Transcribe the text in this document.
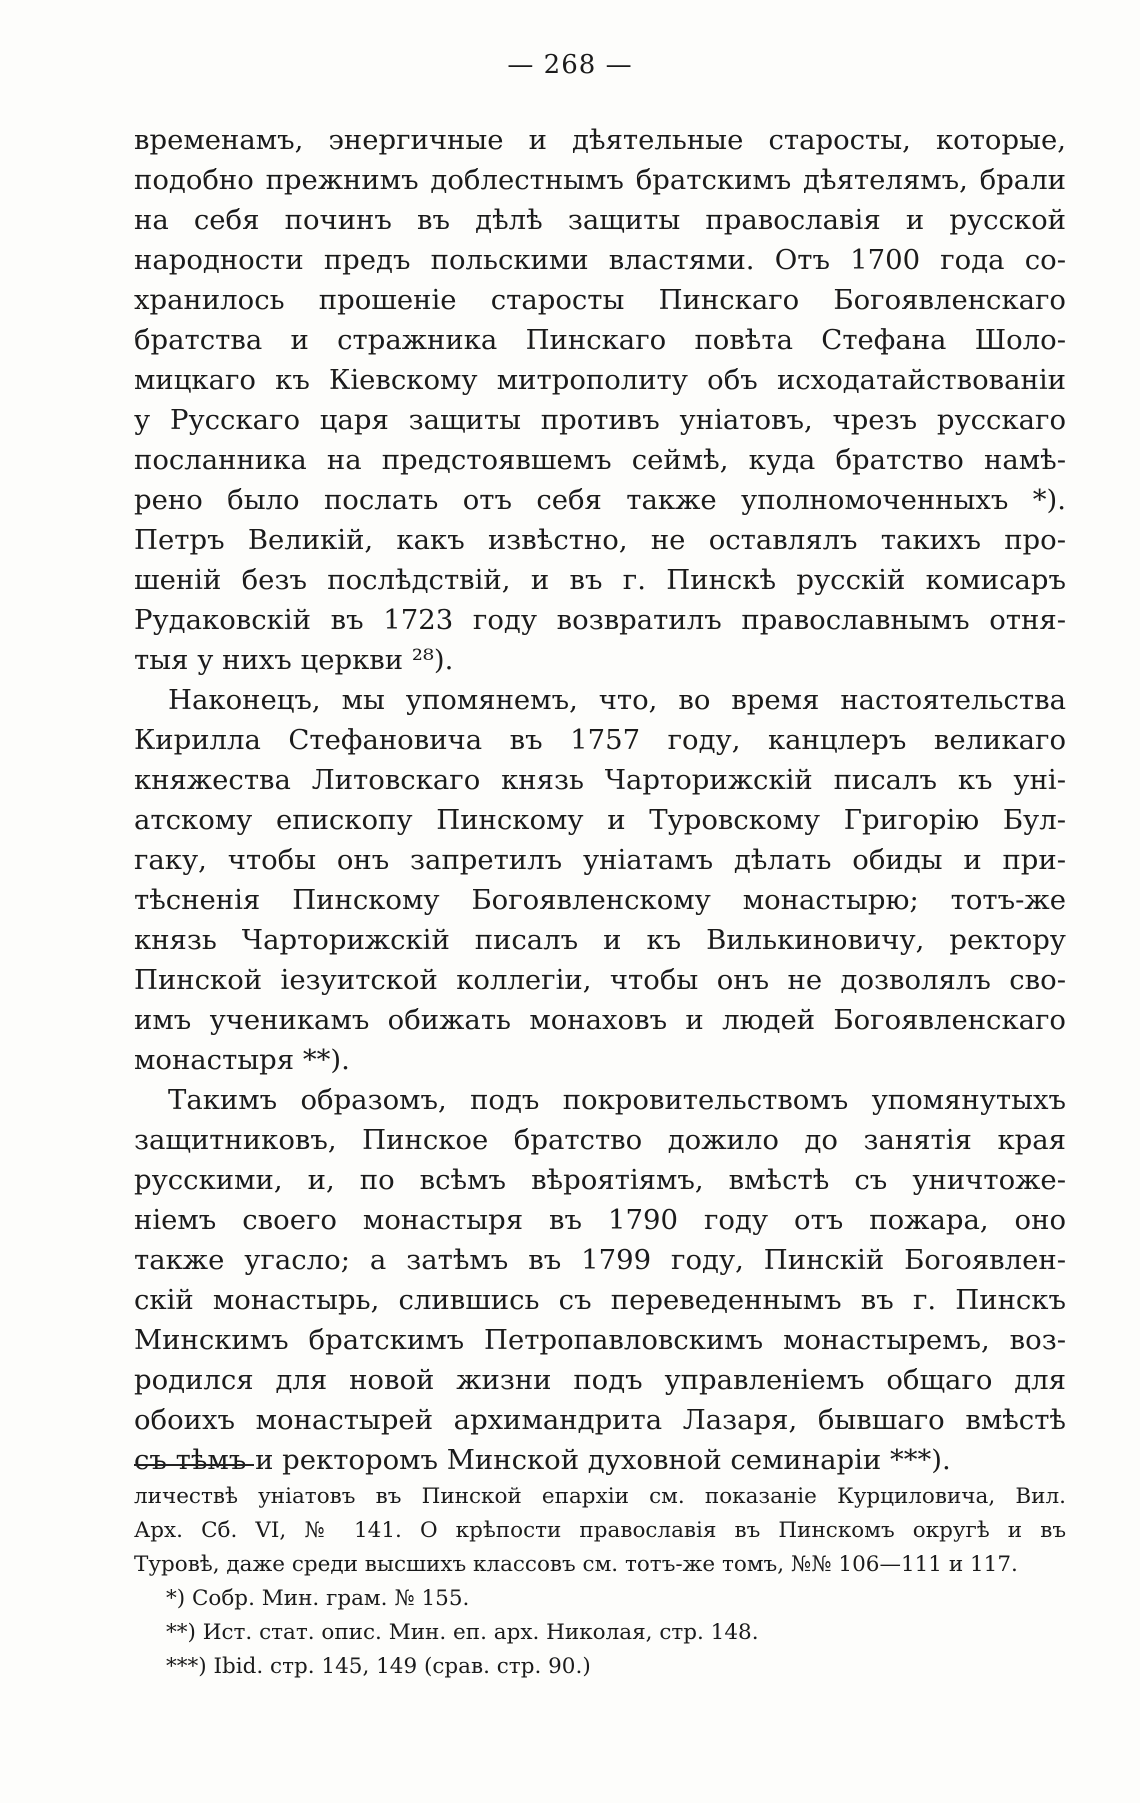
— 268 —
временамъ, энергичные и дѣятельные старосты, которые,
подобно прежнимъ доблестнымъ братскимъ дѣятелямъ, брали
на себя починъ въ дѣлѣ защиты православія и русской
народности предъ польскими властями. Отъ 1700 года со-
хранилось прошеніе старосты Пинскаго Богоявленскаго
братства и стражника Пинскаго повѣта Стефана Шоло-
мицкаго къ Кіевскому митрополиту объ исходатайствованіи
у Русскаго царя защиты противъ уніатовъ, чрезъ русскаго
посланника на предстоявшемъ сеймѣ, куда братство намѣ-
рено было послать отъ себя также уполномоченныхъ *).
Петръ Великій, какъ извѣстно, не оставлялъ такихъ про-
шеній безъ послѣдствій, и въ г. Пинскѣ русскій комисаръ
Рудаковскій въ 1723 году возвратилъ православнымъ отня-
тыя у нихъ церкви ²⁸).
Наконецъ, мы упомянемъ, что, во время настоятельства
Кирилла Стефановича въ 1757 году, канцлеръ великаго
княжества Литовскаго князь Чарторижскій писалъ къ уні-
атскому епископу Пинскому и Туровскому Григорію Бул-
гаку, чтобы онъ запретилъ уніатамъ дѣлать обиды и при-
тѣсненія Пинскому Богоявленскому монастырю; тотъ-же
князь Чарторижскій писалъ и къ Вилькиновичу, ректору
Пинской іезуитской коллегіи, чтобы онъ не дозволялъ сво-
имъ ученикамъ обижать монаховъ и людей Богоявленскаго
монастыря **).
Такимъ образомъ, подъ покровительствомъ упомянутыхъ
защитниковъ, Пинское братство дожило до занятія края
русскими, и, по всѣмъ вѣроятіямъ, вмѣстѣ съ уничтоже-
ніемъ своего монастыря въ 1790 году отъ пожара, оно
также угасло; а затѣмъ въ 1799 году, Пинскій Богоявлен-
скій монастырь, слившись съ переведеннымъ въ г. Пинскъ
Минскимъ братскимъ Петропавловскимъ монастыремъ, воз-
родился для новой жизни подъ управленіемъ общаго для
обоихъ монастырей архимандрита Лазаря, бывшаго вмѣстѣ
съ тѣмъ и ректоромъ Минской духовной семинаріи ***).
личествѣ уніатовъ въ Пинской епархіи см. показаніе Курциловича, Вил.
Арх. Сб. VI, № 141. О крѣпости православія въ Пинскомъ округѣ и въ
Туровѣ, даже среди высшихъ классовъ см. тотъ-же томъ, №№ 106—111 и 117.
*) Собр. Мин. грам. № 155.
**) Ист. стат. опис. Мин. еп. арх. Николая, стр. 148.
***) Ibid. стр. 145, 149 (срав. стр. 90.)
